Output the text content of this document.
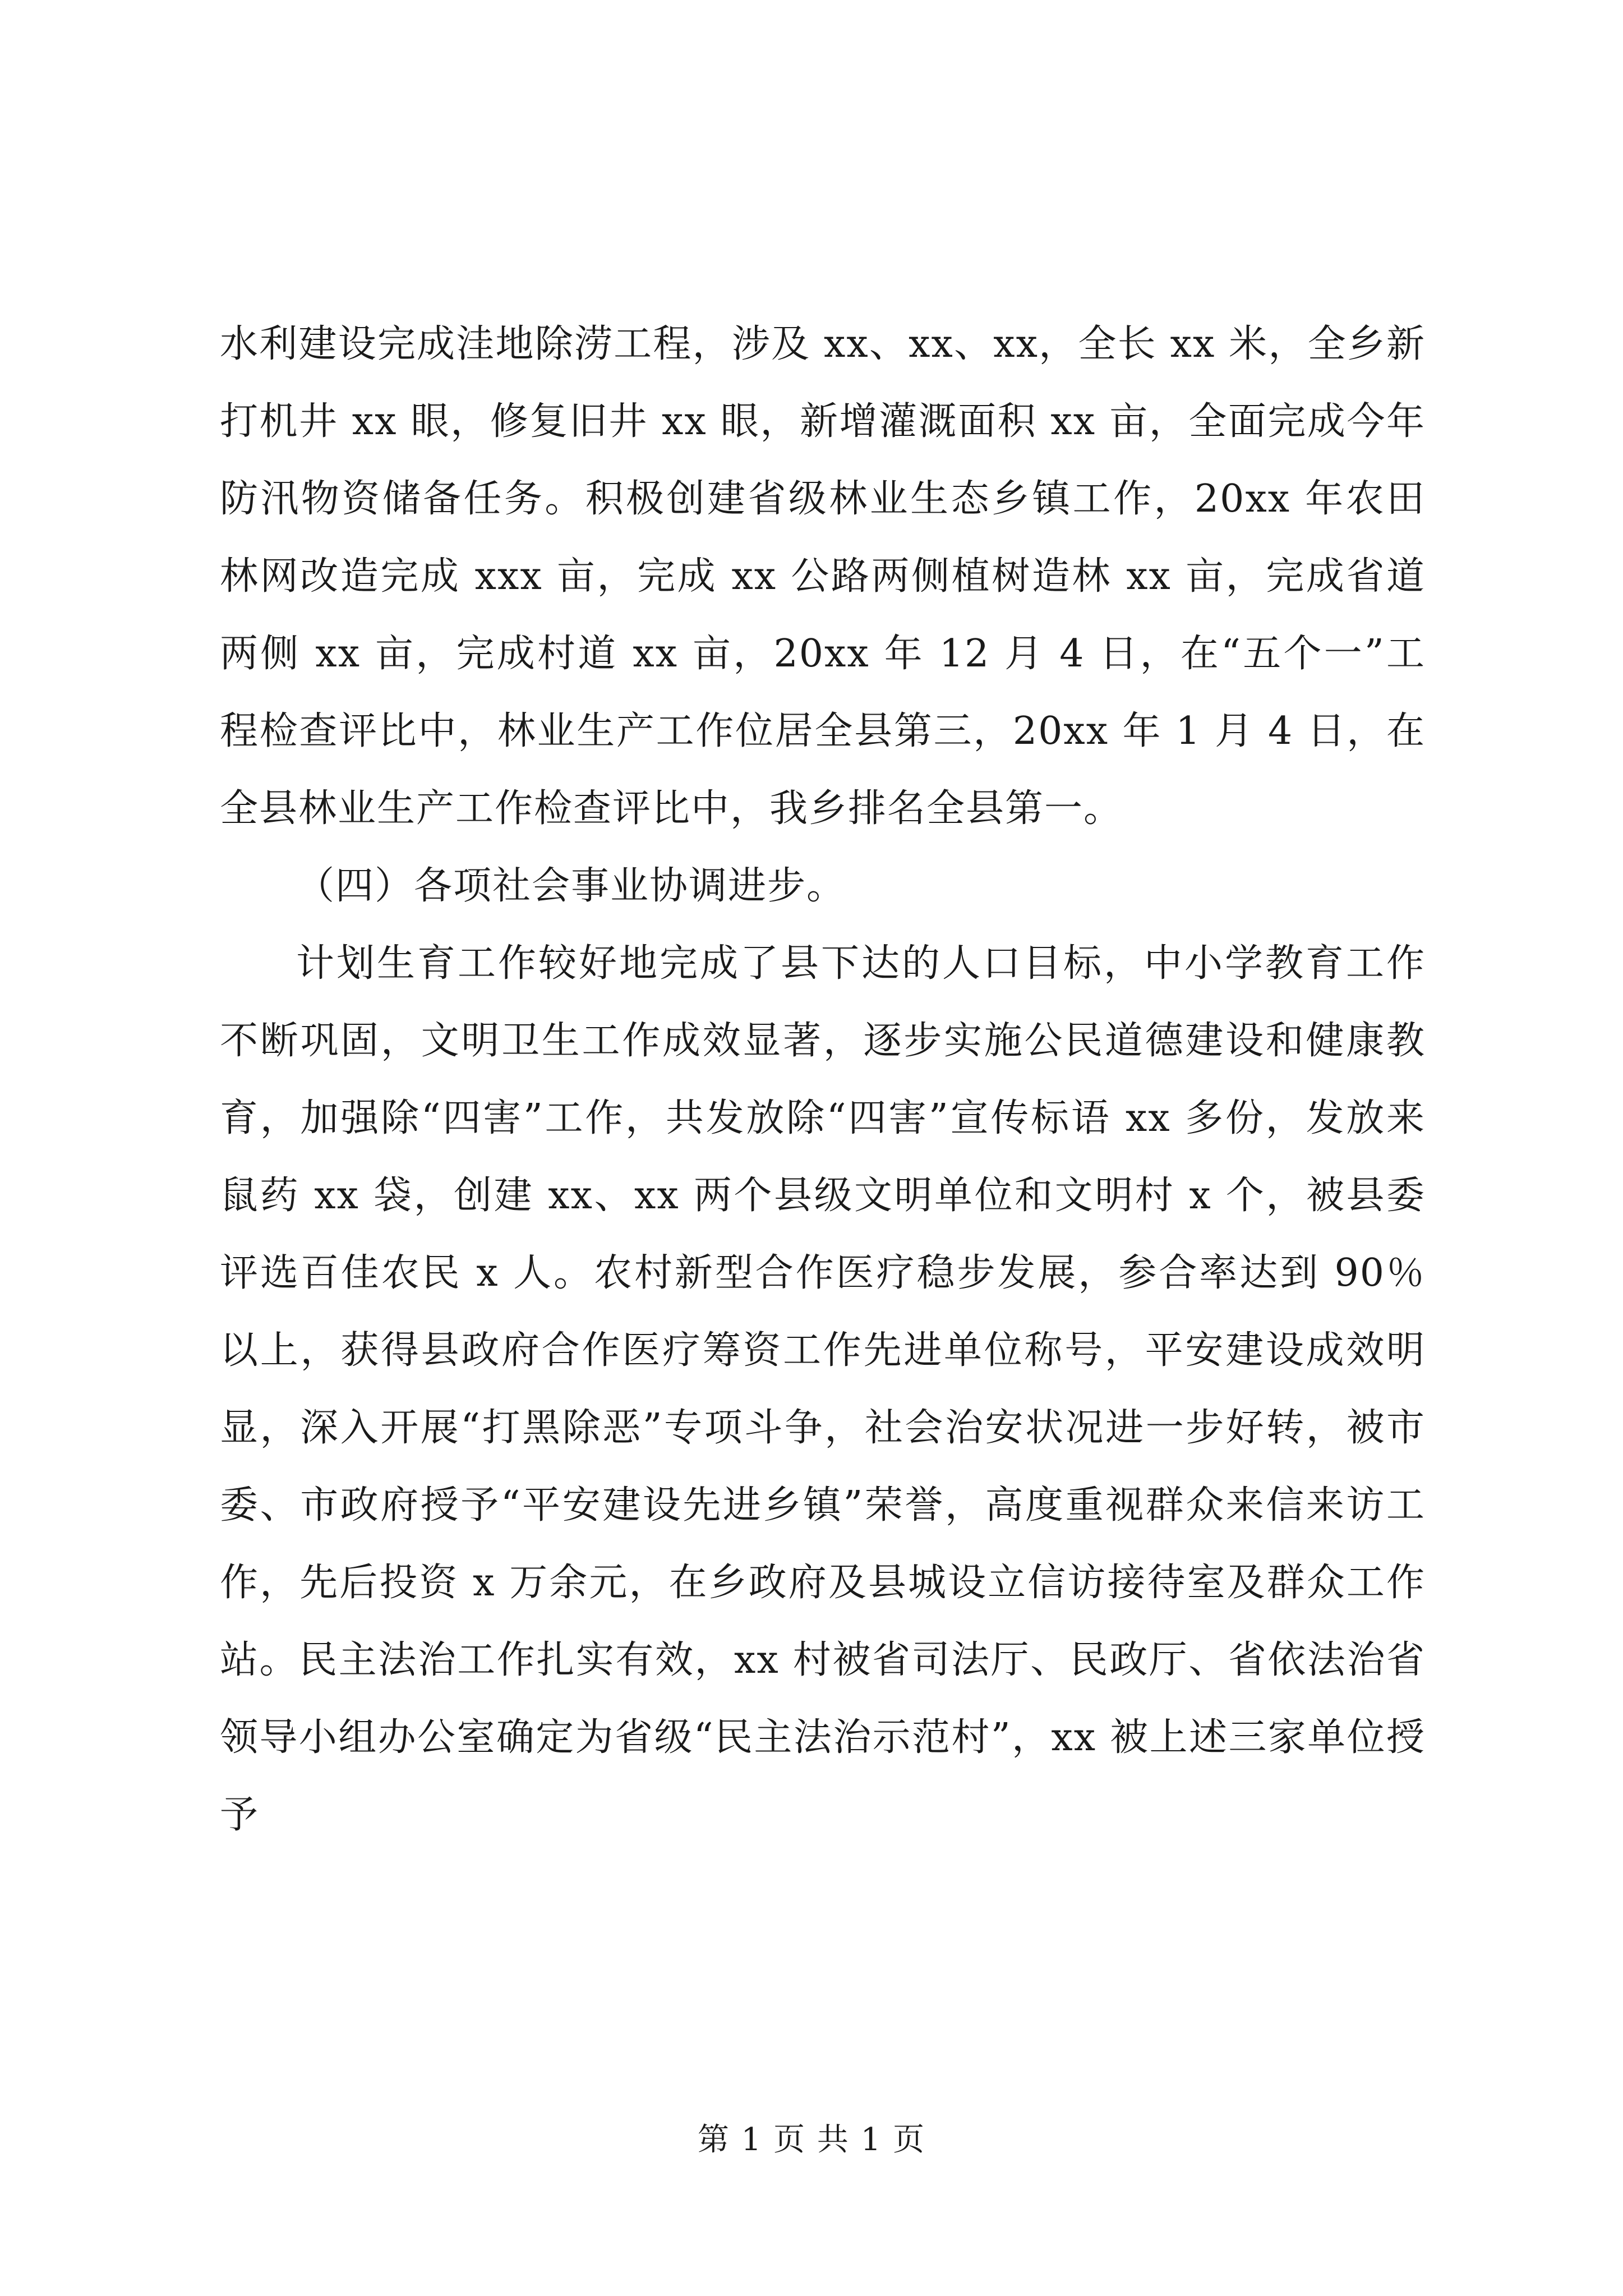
水利建设完成洼地除涝工程，涉及 xx、xx、xx，全长 xx 米，全乡新打机井 xx 眼，修复旧井 xx 眼，新增灌溉面积 xx 亩，全面完成今年防汛物资储备任务。积极创建省级林业生态乡镇工作，20xx 年农田林网改造完成 xxx 亩，完成 xx 公路两侧植树造林 xx 亩，完成省道两侧 xx 亩，完成村道 xx 亩，20xx 年 12 月 4 日，在“五个一”工程检查评比中，林业生产工作位居全县第三，20xx 年 1 月 4 日，在全县林业生产工作检查评比中，我乡排名全县第一。

（四）各项社会事业协调进步。

计划生育工作较好地完成了县下达的人口目标，中小学教育工作不断巩固，文明卫生工作成效显著，逐步实施公民道德建设和健康教育，加强除“四害”工作，共发放除“四害”宣传标语 xx 多份，发放来鼠药 xx 袋，创建 xx、xx 两个县级文明单位和文明村 x 个，被县委评选百佳农民 x 人。农村新型合作医疗稳步发展，参合率达到 90％以上，获得县政府合作医疗筹资工作先进单位称号，平安建设成效明显，深入开展“打黑除恶”专项斗争，社会治安状况进一步好转，被市委、市政府授予“平安建设先进乡镇”荣誉，高度重视群众来信来访工作，先后投资 x 万余元，在乡政府及县城设立信访接待室及群众工作站。民主法治工作扎实有效，xx 村被省司法厅、民政厅、省依法治省领导小组办公室确定为省级“民主法治示范村”，xx 被上述三家单位授予

第 1 页 共 1 页
